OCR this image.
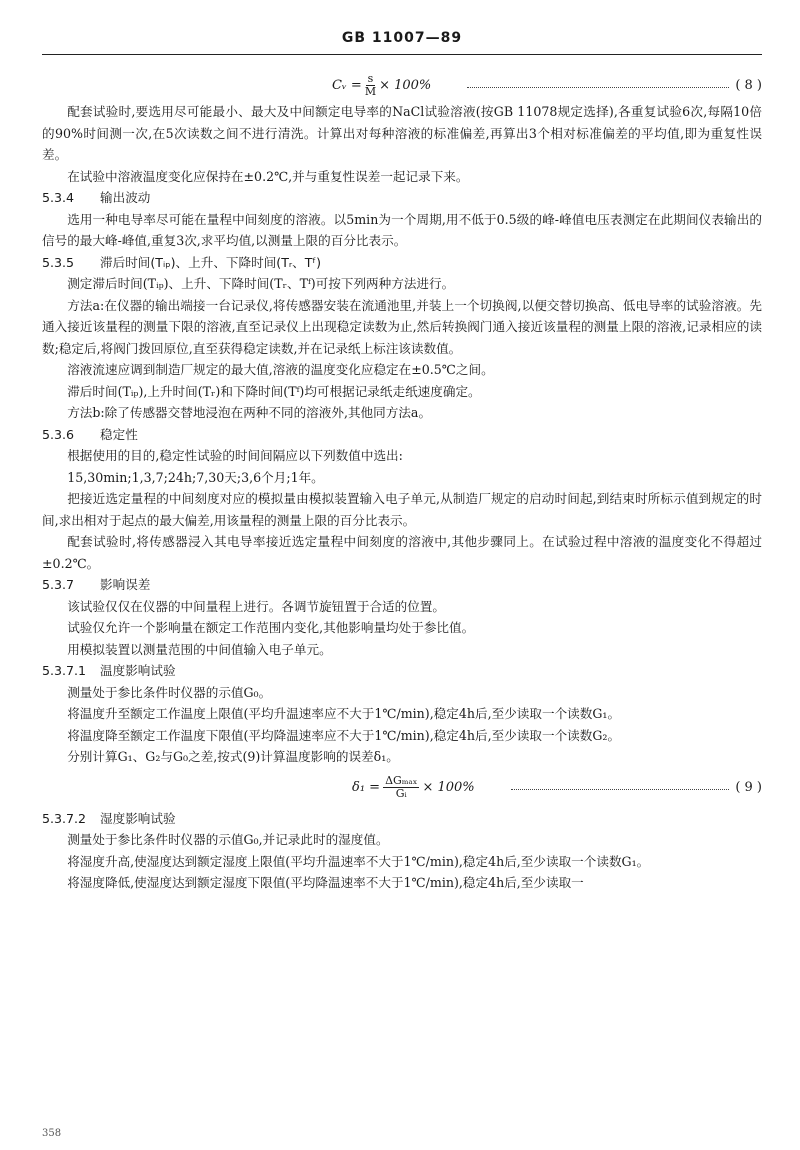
GB 11007—89
Cᵥ = $\frac{s}{M} \times 100\%$	( 8 )

配套试验时,要选用尽可能最小、最大及中间额定电导率的NaCl试验溶液(按GB 11078规定选择),各重复试验6次,每隔10倍的90%时间测一次,在5次读数之间不进行清洗。计算出对每种溶液的标准偏差,再算出3个相对标准偏差的平均值,即为重复性误差。

在试验中溶液温度变化应保持在±0.2℃,并与重复性误差一起记录下来。

5.3.4 输出波动

选用一种电导率尽可能在量程中间刻度的溶液。以5min为一个周期,用不低于0.5级的峰-峰值电压表测定在此期间仪表输出的信号的最大峰-峰值,重复3次,求平均值,以测量上限的百分比表示。

5.3.5 滞后时间(Tᵢₚ)、上升、下降时间(Tᵣ、Tᶠ)

测定滞后时间(Tᵢₚ)、上升、下降时间(Tᵣ、Tᶠ)可按下列两种方法进行。

方法a:在仪器的输出端接一台记录仪,将传感器安装在流通池里,并装上一个切换阀,以便交替切换高、低电导率的试验溶液。先通入接近该量程的测量下限的溶液,直至记录仪上出现稳定读数为止,然后转换阀门通入接近该量程的测量上限的溶液,记录相应的读数;稳定后,将阀门拨回原位,直至获得稳定读数,并在记录纸上标注该读数值。

溶液流速应调到制造厂规定的最大值,溶液的温度变化应稳定在±0.5℃之间。

滞后时间(Tᵢₚ),上升时间(Tᵣ)和下降时间(Tᶠ)均可根据记录纸走纸速度确定。

方法b:除了传感器交替地浸泡在两种不同的溶液外,其他同方法a。

5.3.6 稳定性

根据使用的目的,稳定性试验的时间间隔应以下列数值中选出:

15,30min;1,3,7;24h;7,30天;3,6个月;1年。

把接近选定量程的中间刻度对应的模拟量由模拟装置输入电子单元,从制造厂规定的启动时间起,到结束时所标示值到规定的时间,求出相对于起点的最大偏差,用该量程的测量上限的百分比表示。

配套试验时,将传感器浸入其电导率接近选定量程中间刻度的溶液中,其他步骤同上。在试验过程中溶液的温度变化不得超过±0.2℃。

5.3.7 影响误差

该试验仅仅在仪器的中间量程上进行。各调节旋钮置于合适的位置。

试验仅允许一个影响量在额定工作范围内变化,其他影响量均处于参比值。

用模拟装置以测量范围的中间值输入电子单元。

5.3.7.1 温度影响试验

测量处于参比条件时仪器的示值G₀。

将温度升至额定工作温度上限值(平均升温速率应不大于1℃/min),稳定4h后,至少读取一个读数G₁。

将温度降至额定工作温度下限值(平均降温速率应不大于1℃/min),稳定4h后,至少读取一个读数G₂。

分别计算G₁、G₂与G₀之差,按式(9)计算温度影响的误差δ₁。

$\delta_1 = \frac{\text{ΔGₘₐₓ}}{\text{Gᵢ}} \times 100\%$	( 9 )

5.3.7.2 湿度影响试验

测量处于参比条件时仪器的示值G₀,并记录此时的湿度值。

将湿度升高,使湿度达到额定湿度上限值(平均升温速率不大于1℃/min),稳定4h后,至少读取一个读数G₁。

将湿度降低,使湿度达到额定湿度下限值(平均降温速率不大于1℃/min),稳定4h后,至少读取一

358
